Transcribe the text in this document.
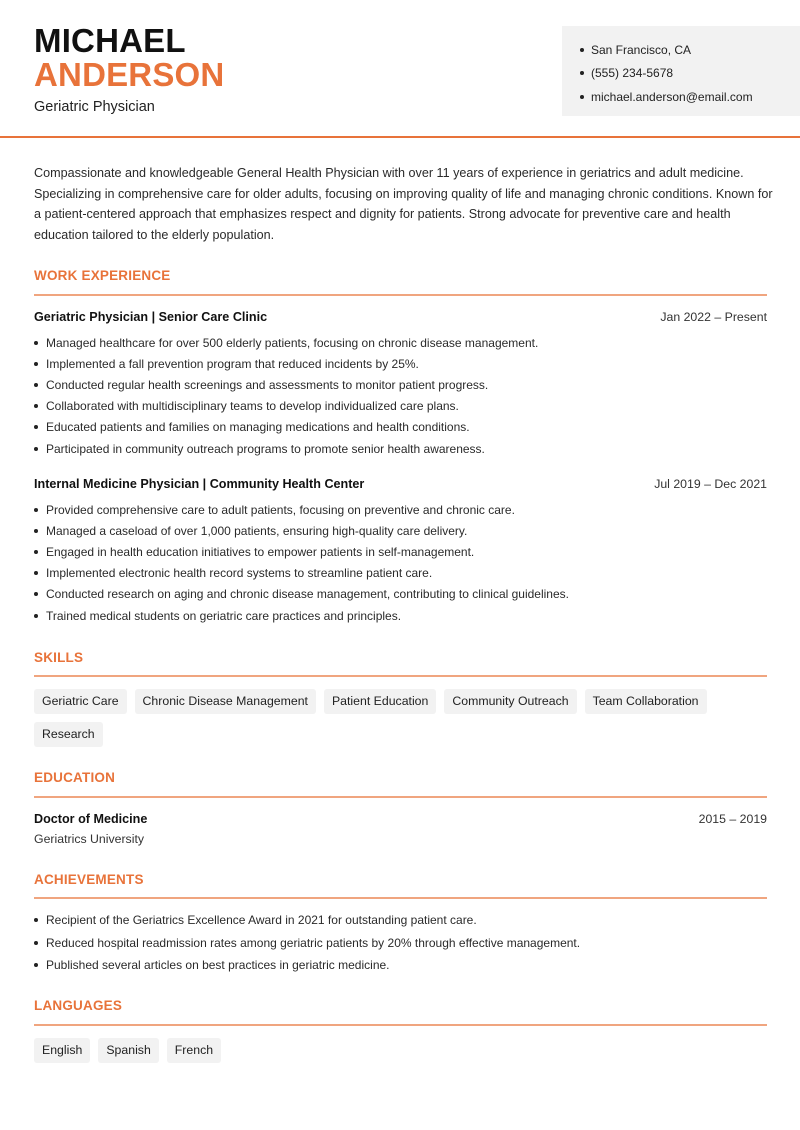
MICHAEL
ANDERSON
Geriatric Physician
San Francisco, CA
(555) 234-5678
michael.anderson@email.com

Compassionate and knowledgeable General Health Physician with over 11 years of experience in geriatrics and adult medicine. Specializing in comprehensive care for older adults, focusing on improving quality of life and managing chronic conditions. Known for a patient-centered approach that emphasizes respect and dignity for patients. Strong advocate for preventive care and health education tailored to the elderly population.

WORK EXPERIENCE
Geriatric Physician | Senior Care Clinic	Jan 2022 – Present
Managed healthcare for over 500 elderly patients, focusing on chronic disease management.
Implemented a fall prevention program that reduced incidents by 25%.
Conducted regular health screenings and assessments to monitor patient progress.
Collaborated with multidisciplinary teams to develop individualized care plans.
Educated patients and families on managing medications and health conditions.
Participated in community outreach programs to promote senior health awareness.
Internal Medicine Physician | Community Health Center	Jul 2019 – Dec 2021
Provided comprehensive care to adult patients, focusing on preventive and chronic care.
Managed a caseload of over 1,000 patients, ensuring high-quality care delivery.
Engaged in health education initiatives to empower patients in self-management.
Implemented electronic health record systems to streamline patient care.
Conducted research on aging and chronic disease management, contributing to clinical guidelines.
Trained medical students on geriatric care practices and principles.
SKILLS
Geriatric Care	Chronic Disease Management	Patient Education	Community Outreach	Team Collaboration
Research
EDUCATION
Doctor of Medicine	2015 – 2019
Geriatrics University
ACHIEVEMENTS
Recipient of the Geriatrics Excellence Award in 2021 for outstanding patient care.
Reduced hospital readmission rates among geriatric patients by 20% through effective management.
Published several articles on best practices in geriatric medicine.
LANGUAGES
English	Spanish	French
